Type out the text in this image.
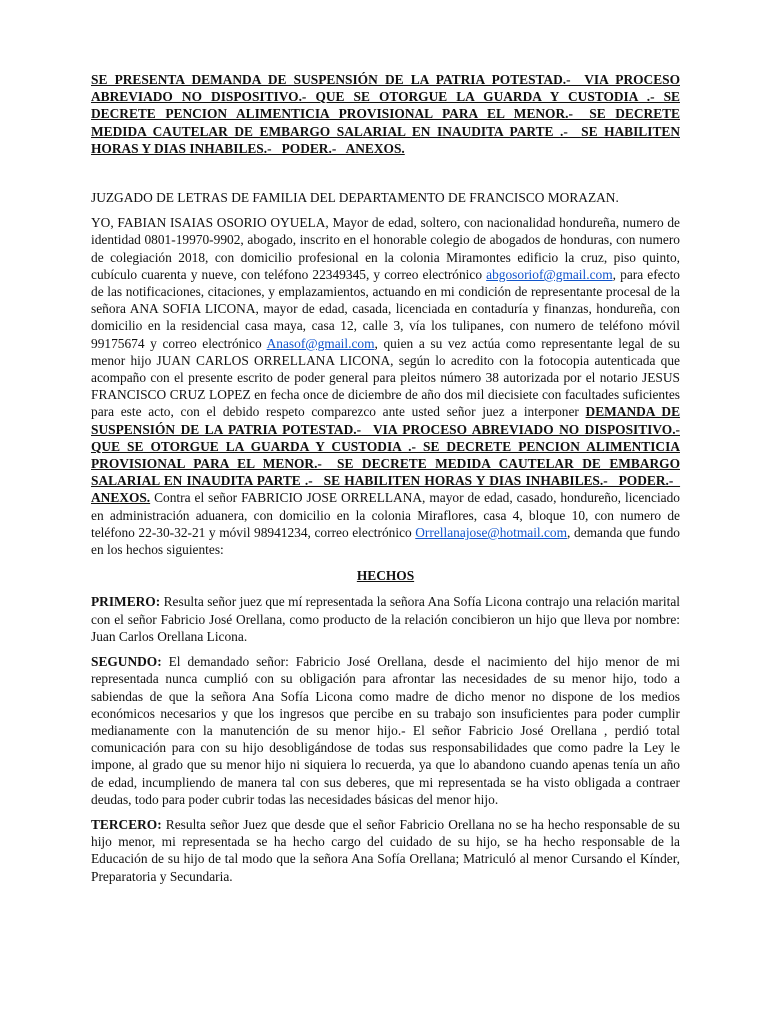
SE PRESENTA DEMANDA DE SUSPENSIÓN DE LA PATRIA POTESTAD.-_ VIA PROCESO ABREVIADO NO DISPOSITIVO.- QUE SE OTORGUE LA GUARDA Y CUSTODIA .- SE DECRETE PENCION ALIMENTICIA PROVISIONAL PARA EL MENOR.-_ SE DECRETE MEDIDA CAUTELAR DE EMBARGO SALARIAL EN INAUDITA PARTE .-_ SE HABILITEN HORAS Y DIAS INHABILES.-_ PODER.-_ ANEXOS.

JUZGADO DE LETRAS DE FAMILIA DEL DEPARTAMENTO DE FRANCISCO MORAZAN.

YO, FABIAN ISAIAS OSORIO OYUELA, Mayor de edad, soltero, con nacionalidad hondureña, numero de identidad 0801-19970-9902, abogado, inscrito en el honorable colegio de abogados de honduras, con numero de colegiación 2018, con domicilio profesional en la colonia Miramontes edificio la cruz, piso quinto, cubículo cuarenta y nueve, con teléfono 22349345, y correo electrónico abgosoriof@gmail.com, para efecto de las notificaciones, citaciones, y emplazamientos, actuando en mi condición de representante procesal de la señora ANA SOFIA LICONA, mayor de edad, casada, licenciada en contaduría y finanzas, hondureña, con domicilio en la residencial casa maya, casa 12, calle 3, vía los tulipanes, con numero de teléfono móvil 99175674 y correo electrónico Anasof@gmail.com, quien a su vez actúa como representante legal de su menor hijo JUAN CARLOS ORRELLANA LICONA, según lo acredito con la fotocopia autenticada que acompaño con el presente escrito de poder general para pleitos número 38 autorizada por el notario JESUS FRANCISCO CRUZ LOPEZ en fecha once de diciembre de año dos mil diecisiete con facultades suficientes para este acto, con el debido respeto comparezco ante usted señor juez a interponer DEMANDA DE SUSPENSIÓN DE LA PATRIA POTESTAD.-_ VIA PROCESO ABREVIADO NO DISPOSITIVO.- QUE SE OTORGUE LA GUARDA Y CUSTODIA .- SE DECRETE PENCION ALIMENTICIA PROVISIONAL PARA EL MENOR.-_ SE DECRETE MEDIDA CAUTELAR DE EMBARGO SALARIAL EN INAUDITA PARTE .-_ SE HABILITEN HORAS Y DIAS INHABILES.-_ PODER.-_ ANEXOS. Contra el señor FABRICIO JOSE ORRELLANA, mayor de edad, casado, hondureño, licenciado en administración aduanera, con domicilio en la colonia Miraflores, casa 4, bloque 10, con numero de teléfono 22-30-32-21 y móvil 98941234, correo electrónico Orrellanajose@hotmail.com, demanda que fundo en los hechos siguientes:

HECHOS

PRIMERO: Resulta señor juez que mí representada la señora Ana Sofía Licona contrajo una relación marital con el señor Fabricio José Orellana, como producto de la relación concibieron un hijo que lleva por nombre: Juan Carlos Orellana Licona.

SEGUNDO: El demandado señor: Fabricio José Orellana, desde el nacimiento del hijo menor de mi representada nunca cumplió con su obligación para afrontar las necesidades de su menor hijo, todo a sabiendas de que la señora Ana Sofía Licona como madre de dicho menor no dispone de los medios económicos necesarios y que los ingresos que percibe en su trabajo son insuficientes para poder cumplir medianamente con la manutención de su menor hijo.- El señor Fabricio José Orellana , perdió total comunicación para con su hijo desobligándose de todas sus responsabilidades que como padre la Ley le impone, al grado que su menor hijo ni siquiera lo recuerda, ya que lo abandono cuando apenas tenía un año de edad, incumpliendo de manera tal con sus deberes, que mi representada se ha visto obligada a contraer deudas, todo para poder cubrir todas las necesidades básicas del menor hijo.

TERCERO: Resulta señor Juez que desde que el señor Fabricio Orellana no se ha hecho responsable de su hijo menor, mi representada se ha hecho cargo del cuidado de su hijo, se ha hecho responsable de la Educación de su hijo de tal modo que la señora Ana Sofía Orellana; Matriculó al menor Cursando el Kínder, Preparatoria y Secundaria.
